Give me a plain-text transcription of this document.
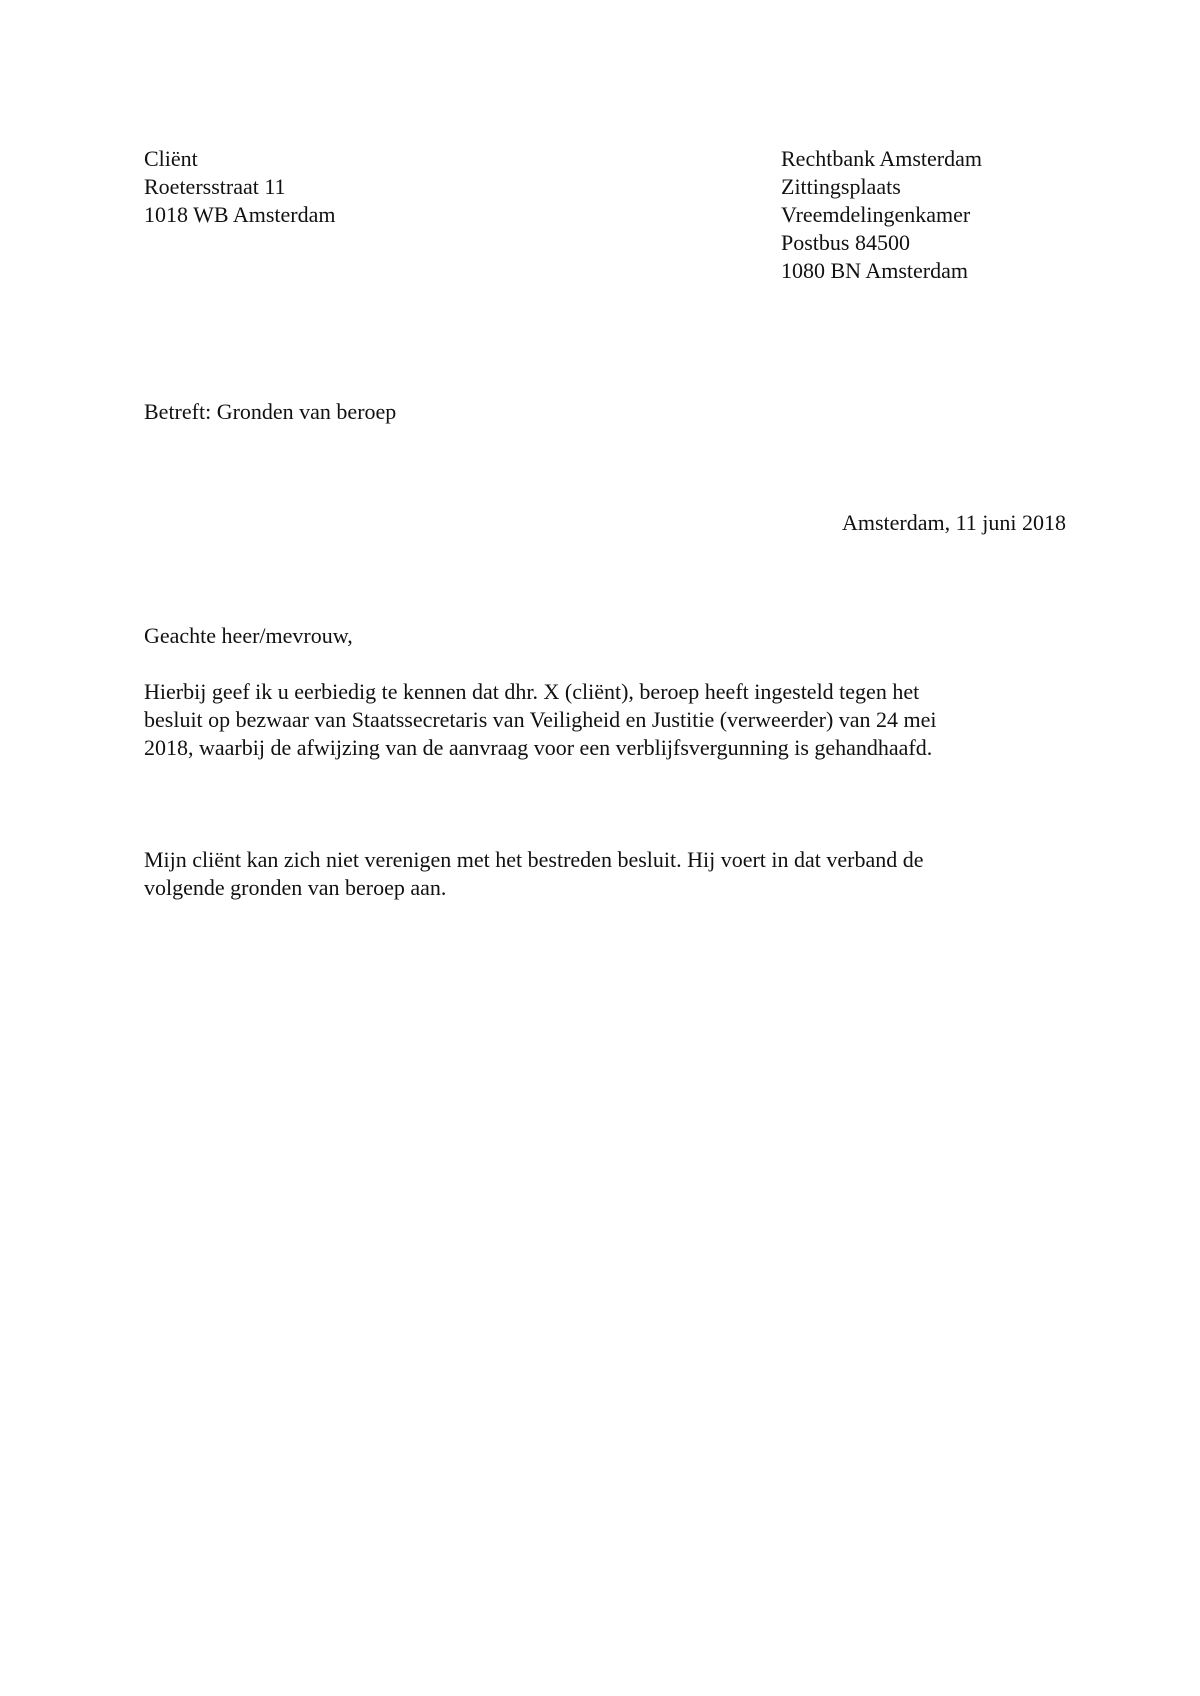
Cliënt
Roetersstraat 11
1018 WB Amsterdam
Rechtbank Amsterdam
Zittingsplaats
Vreemdelingenkamer
Postbus 84500
1080 BN Amsterdam
Betreft: Gronden van beroep
Amsterdam, 11 juni 2018
Geachte heer/mevrouw,
Hierbij geef ik u eerbiedig te kennen dat dhr. X (cliënt), beroep heeft ingesteld tegen het
besluit op bezwaar van Staatssecretaris van Veiligheid en Justitie (verweerder) van 24 mei
2018, waarbij de afwijzing van de aanvraag voor een verblijfsvergunning is gehandhaafd.
Mijn cliënt kan zich niet verenigen met het bestreden besluit. Hij voert in dat verband de
volgende gronden van beroep aan.
